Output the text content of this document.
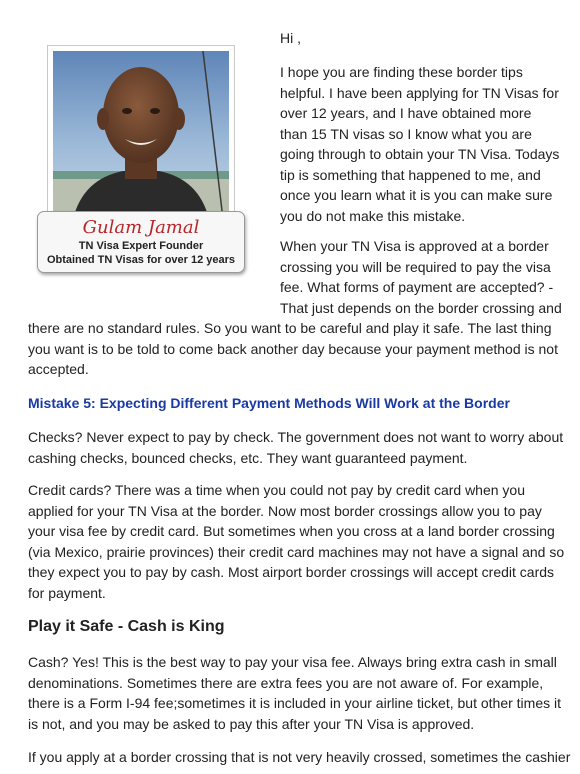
Gulam Jamal
TN Visa Expert Founder
Obtained TN Visas for over 12 years
Hi ,
I hope you are finding these border tips
helpful. I have been applying for TN Visas for
over 12 years, and I have obtained more
than 15 TN visas so I know what you are
going through to obtain your TN Visa. Todays
tip is something that happened to me, and
once you learn what it is you can make sure
you do not make this mistake.
When your TN Visa is approved at a border
crossing you will be required to pay the visa
fee. What forms of payment are accepted? -
That just depends on the border crossing and
there are no standard rules. So you want to be careful and play it safe. The last thing
you want is to be told to come back another day because your payment method is not
accepted.
Mistake 5: Expecting Different Payment Methods Will Work at the Border
Checks? Never expect to pay by check. The government does not want to worry about
cashing checks, bounced checks, etc. They want guaranteed payment.
Credit cards? There was a time when you could not pay by credit card when you
applied for your TN Visa at the border. Now most border crossings allow you to pay
your visa fee by credit card. But sometimes when you cross at a land border crossing
(via Mexico, prairie provinces) their credit card machines may not have a signal and so
they expect you to pay by cash. Most airport border crossings will accept credit cards
for payment.
Play it Safe - Cash is King
Cash? Yes! This is the best way to pay your visa fee. Always bring extra cash in small
denominations. Sometimes there are extra fees you are not aware of. For example,
there is a Form I-94 fee;sometimes it is included in your airline ticket, but other times it
is not, and you may be asked to pay this after your TN Visa is approved.
If you apply at a border crossing that is not very heavily crossed, sometimes the cashier
